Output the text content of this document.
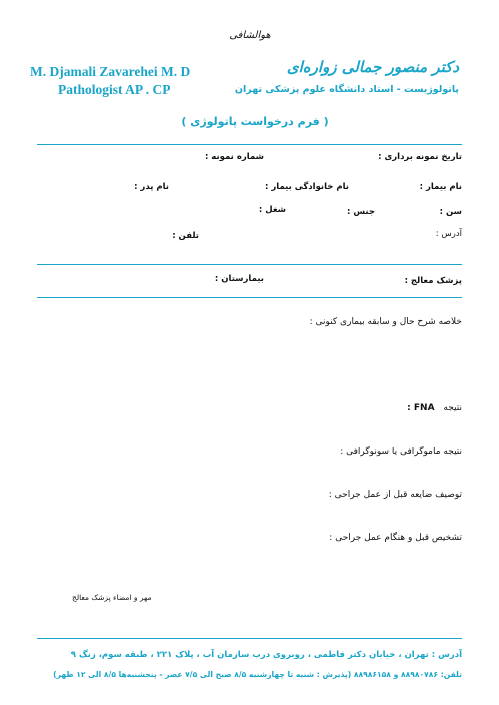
هوالشافی
M. Djamali Zavarehei M. D
Pathologist AP . CP
دکتر منصور جمالی زواره‌ای
پاتولوژیست - استاد دانشگاه علوم پزشکی تهران
( فرم درخواست پاتولوژی )
تاریخ نمونه برداری :
شماره نمونه :
نام بیمار :
نام خانوادگی بیمار :
نام پدر :
سن :
جنس :
شغل :
آدرس :
تلفن :
پزشک معالج :
بیمارستان :
خلاصه شرح حال و سابقه بیماری کنونی :
نتیجه FNA :
نتیجه ماموگرافی یا سونوگرافی :
توصیف ضایعه قبل از عمل جراحی :
تشخیص قبل و هنگام عمل جراحی :
مهر و امضاء پزشک معالج
آدرس : تهران ، خیابان دکتر فاطمی ، روبروی درب سازمان آب ، پلاک ۲۲۱ ، طبقه سوم، زنگ ۹
تلفن: ۸۸۹۸۰۷۸۶ و ۸۸۹۸۶۱۵۸ (پذیرش : شنبه تا چهارشنبه ۸/۵ صبح الی ۷/۵ عصر - پنجشنبه‌ها ۸/۵ الی ۱۲ ظهر)
